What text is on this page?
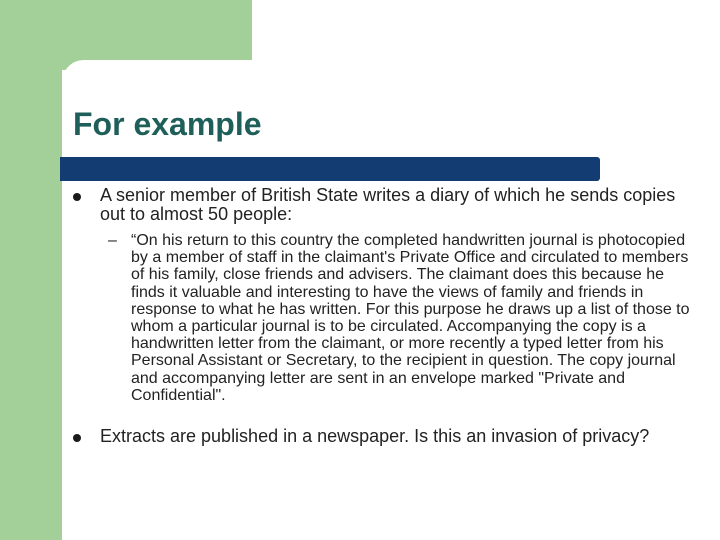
For example

A senior member of British State writes a diary of which he sends copies out to almost 50 people:

– “On his return to this country the completed handwritten journal is photocopied by a member of staff in the claimant's Private Office and circulated to members of his family, close friends and advisers. The claimant does this because he finds it valuable and interesting to have the views of family and friends in response to what he has written. For this purpose he draws up a list of those to whom a particular journal is to be circulated. Accompanying the copy is a handwritten letter from the claimant, or more recently a typed letter from his Personal Assistant or Secretary, to the recipient in question. The copy journal and accompanying letter are sent in an envelope marked "Private and Confidential".

Extracts are published in a newspaper. Is this an invasion of privacy?
